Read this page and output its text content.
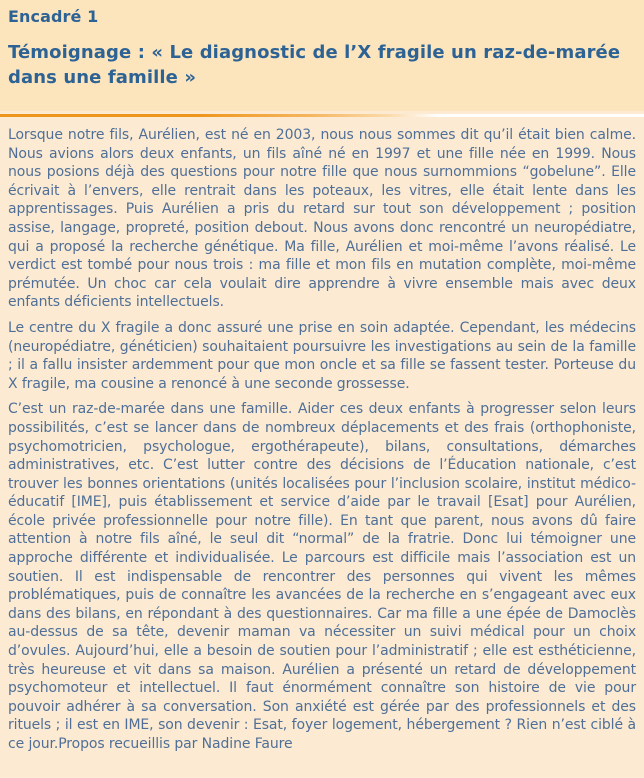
Encadré 1
Témoignage : « Le diagnostic de l’X fragile un raz-de-marée dans une famille »

Lorsque notre fils, Aurélien, est né en 2003, nous nous sommes dit qu’il était bien calme. Nous avions alors deux enfants, un fils aîné né en 1997 et une fille née en 1999. Nous nous posions déjà des questions pour notre fille que nous surnommions “gobelune”. Elle écrivait à l’envers, elle rentrait dans les poteaux, les vitres, elle était lente dans les apprentissages. Puis Aurélien a pris du retard sur tout son développement ; position assise, langage, propreté, position debout. Nous avons donc rencontré un neuropédiatre, qui a proposé la recherche génétique. Ma fille, Aurélien et moi-même l’avons réalisé. Le verdict est tombé pour nous trois : ma fille et mon fils en mutation complète, moi-même prémutée. Un choc car cela voulait dire apprendre à vivre ensemble mais avec deux enfants déficients intellectuels.

Le centre du X fragile a donc assuré une prise en soin adaptée. Cependant, les médecins (neuropédiatre, généticien) souhaitaient poursuivre les investigations au sein de la famille ; il a fallu insister ardemment pour que mon oncle et sa fille se fassent tester. Porteuse du X fragile, ma cousine a renoncé à une seconde grossesse.

C’est un raz-de-marée dans une famille. Aider ces deux enfants à progresser selon leurs possibilités, c’est se lancer dans de nombreux déplacements et des frais (orthophoniste, psychomotricien, psychologue, ergothérapeute), bilans, consultations, démarches administratives, etc. C’est lutter contre des décisions de l’Éducation nationale, c’est trouver les bonnes orientations (unités localisées pour l’inclusion scolaire, institut médico-éducatif [IME], puis établissement et service d’aide par le travail [Esat] pour Aurélien, école privée professionnelle pour notre fille). En tant que parent, nous avons dû faire attention à notre fils aîné, le seul dit “normal” de la fratrie. Donc lui témoigner une approche différente et individualisée. Le parcours est difficile mais l’association est un soutien. Il est indispensable de rencontrer des personnes qui vivent les mêmes problématiques, puis de connaître les avancées de la recherche en s’engageant avec eux dans des bilans, en répondant à des questionnaires. Car ma fille a une épée de Damoclès au-dessus de sa tête, devenir maman va nécessiter un suivi médical pour un choix d’ovules. Aujourd’hui, elle a besoin de soutien pour l’administratif ; elle est esthéticienne, très heureuse et vit dans sa maison. Aurélien a présenté un retard de développement psychomoteur et intellectuel. Il faut énormément connaître son histoire de vie pour pouvoir adhérer à sa conversation. Son anxiété est gérée par des professionnels et des rituels ; il est en IME, son devenir : Esat, foyer logement, hébergement ? Rien n’est ciblé à ce jour.Propos recueillis par Nadine Faure
